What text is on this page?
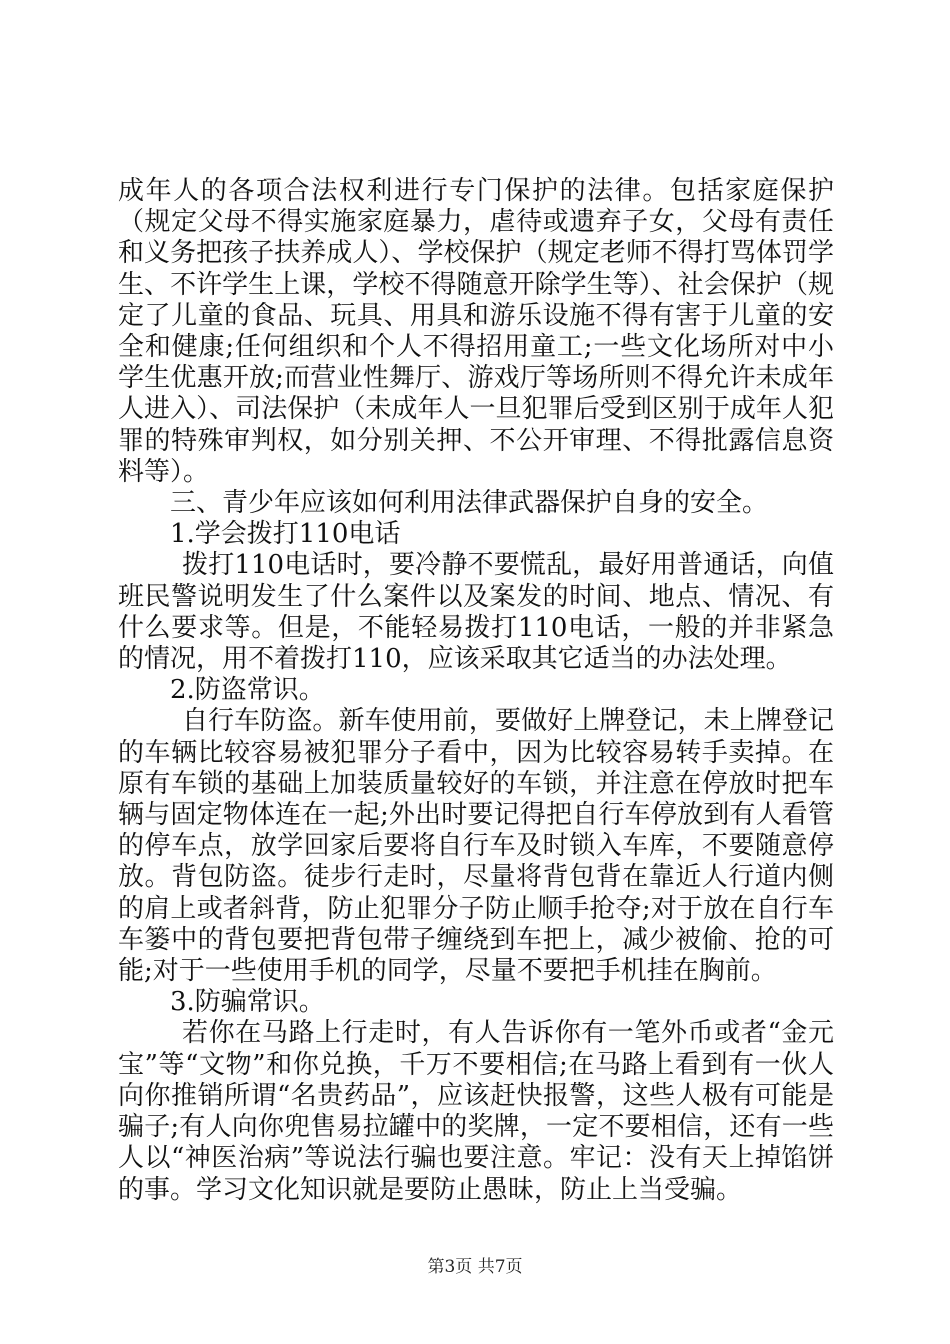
成年人的各项合法权利进行专门保护的法律。包括家庭保护（规定父母不得实施家庭暴力，虐待或遗弃子女，父母有责任和义务把孩子扶养成人）、学校保护（规定老师不得打骂体罚学生、不许学生上课，学校不得随意开除学生等）、社会保护（规定了儿童的食品、玩具、用具和游乐设施不得有害于儿童的安全和健康;任何组织和个人不得招用童工;一些文化场所对中小学生优惠开放;而营业性舞厅、游戏厅等场所则不得允许未成年人进入）、司法保护（未成年人一旦犯罪后受到区别于成年人犯罪的特殊审判权，如分别关押、不公开审理、不得批露信息资料等）。

三、青少年应该如何利用法律武器保护自身的安全。

1.学会拨打110电话

拨打110电话时，要冷静不要慌乱，最好用普通话，向值班民警说明发生了什么案件以及案发的时间、地点、情况、有什么要求等。但是，不能轻易拨打110电话，一般的并非紧急的情况，用不着拨打110，应该采取其它适当的办法处理。

2.防盗常识。

自行车防盗。新车使用前，要做好上牌登记，未上牌登记的车辆比较容易被犯罪分子看中，因为比较容易转手卖掉。在原有车锁的基础上加装质量较好的车锁，并注意在停放时把车辆与固定物体连在一起;外出时要记得把自行车停放到有人看管的停车点，放学回家后要将自行车及时锁入车库，不要随意停放。背包防盗。徒步行走时，尽量将背包背在靠近人行道内侧的肩上或者斜背，防止犯罪分子防止顺手抢夺;对于放在自行车车篓中的背包要把背包带子缠绕到车把上，减少被偷、抢的可能;对于一些使用手机的同学，尽量不要把手机挂在胸前。

3.防骗常识。

若你在马路上行走时，有人告诉你有一笔外币或者“金元宝”等“文物”和你兑换，千万不要相信;在马路上看到有一伙人向你推销所谓“名贵药品”，应该赶快报警，这些人极有可能是骗子;有人向你兜售易拉罐中的奖牌，一定不要相信，还有一些人以“神医治病”等说法行骗也要注意。牢记：没有天上掉馅饼的事。学习文化知识就是要防止愚昧，防止上当受骗。

第3页 共7页
